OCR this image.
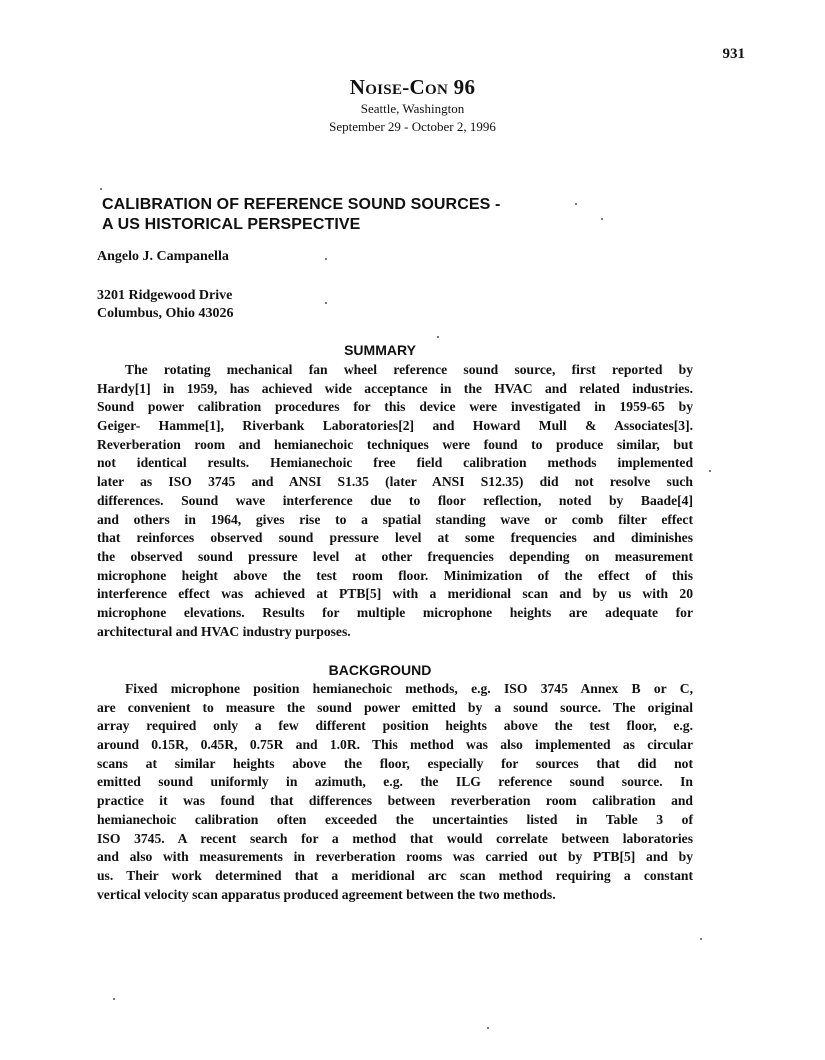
931
Noise-Con 96
Seattle, Washington
September 29 - October 2, 1996
CALIBRATION OF REFERENCE SOUND SOURCES -
A US HISTORICAL PERSPECTIVE
Angelo J. Campanella
3201 Ridgewood Drive
Columbus, Ohio 43026
SUMMARY
The rotating mechanical fan wheel reference sound source, first reported by
Hardy[1] in 1959, has achieved wide acceptance in the HVAC and related industries.
Sound power calibration procedures for this device were investigated in 1959-65 by
Geiger- Hamme[1], Riverbank Laboratories[2] and Howard Mull & Associates[3].
Reverberation room and hemianechoic techniques were found to produce similar, but
not identical results. Hemianechoic free field calibration methods implemented
later as ISO 3745 and ANSI S1.35 (later ANSI S12.35) did not resolve such
differences. Sound wave interference due to floor reflection, noted by Baade[4]
and others in 1964, gives rise to a spatial standing wave or comb filter effect
that reinforces observed sound pressure level at some frequencies and diminishes
the observed sound pressure level at other frequencies depending on measurement
microphone height above the test room floor. Minimization of the effect of this
interference effect was achieved at PTB[5] with a meridional scan and by us with 20
microphone elevations. Results for multiple microphone heights are adequate for
architectural and HVAC industry purposes.
BACKGROUND
Fixed microphone position hemianechoic methods, e.g. ISO 3745 Annex B or C,
are convenient to measure the sound power emitted by a sound source. The original
array required only a few different position heights above the test floor, e.g.
around 0.15R, 0.45R, 0.75R and 1.0R. This method was also implemented as circular
scans at similar heights above the floor, especially for sources that did not
emitted sound uniformly in azimuth, e.g. the ILG reference sound source. In
practice it was found that differences between reverberation room calibration and
hemianechoic calibration often exceeded the uncertainties listed in Table 3 of
ISO 3745. A recent search for a method that would correlate between laboratories
and also with measurements in reverberation rooms was carried out by PTB[5] and by
us. Their work determined that a meridional arc scan method requiring a constant
vertical velocity scan apparatus produced agreement between the two methods.
